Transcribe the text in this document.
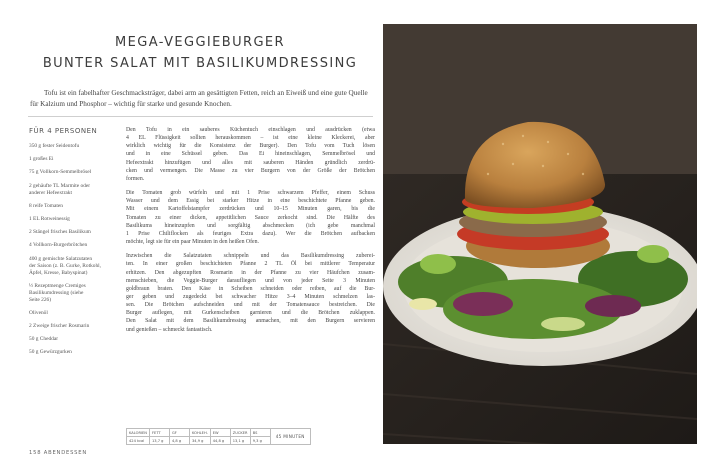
MEGA-VEGGIEBURGER
BUNTER SALAT MIT BASILIKUMDRESSING

Tofu ist ein fabelhafter Geschmacksträger, dabei arm an gesättigten Fetten, reich an Eiweiß und eine gute Quelle für Kalzium und Phosphor – wichtig für starke und gesunde Knochen.

FÜR 4 PERSONEN
350 g fester Seidentofu
1 großes Ei
75 g Vollkorn-Semmelbrösel
2 gehäufte TL Marmite oder
anderer Hefeextrakt
8 reife Tomaten
1 EL Rotweinessig
2 Stängel frisches Basilikum
4 Vollkorn-Burgerbrötchen
400 g gemischte Salatzutaten
der Saison (z. B. Gurke, Rotkohl,
Äpfel, Kresse, Babyspinat)
½ Rezeptmenge Cremiges
Basilikumdressing (siehe
Seite 226)
Olivenöl
2 Zweige frischer Rosmarin
50 g Cheddar
50 g Gewürzgurken
Den Tofu in ein sauberes Küchentuch einschlagen und ausdrücken (etwa
4 EL Flüssigkeit sollten herauskommen – ist eine kleine Kleckerei, aber
wirklich wichtig für die Konsistenz der Burger). Den Tofu vom Tuch lösen
und in eine Schüssel geben. Das Ei hineinschlagen, Semmelbrösel und
Hefeextrakt hinzufügen und alles mit sauberen Händen gründlich zerdrü-
cken und vermengen. Die Masse zu vier Burgern von der Größe der Brötchen
formen.
Die Tomaten grob würfeln und mit 1 Prise schwarzem Pfeffer, einem Schuss
Wasser und dem Essig bei starker Hitze in eine beschichtete Pfanne geben.
Mit einem Kartoffelstampfer zerdrücken und 10–15 Minuten garen, bis die
Tomaten zu einer dicken, appetitlichen Sauce zerkocht sind. Die Hälfte des
Basilikums hineinzupfen und sorgfältig abschmecken (ich gebe manchmal
1 Prise Chiliflocken als feuriges Extra dazu). Wer die Brötchen aufbacken
möchte, legt sie für ein paar Minuten in den heißen Ofen.
Inzwischen die Salatzutaten schnippeln und das Basilikumdressing zuberei-
ten. In einer großen beschichteten Pfanne 2 TL Öl bei mittlerer Temperatur
erhitzen. Den abgezupften Rosmarin in der Pfanne zu vier Häufchen zusam-
menschieben, die Veggie-Burger daraufliegen und von jeder Seite 3 Minuten
goldbraun braten. Den Käse in Scheiben schneiden oder reiben, auf die Bur-
ger geben und zugedeckt bei schwacher Hitze 3–4 Minuten schmelzen las-
sen. Die Brötchen aufschneiden und mit der Tomatensauce bestreichen. Die
Burger auflegen, mit Gurkenscheiben garnieren und die Brötchen zuklappen.
Den Salat mit dem Basilikumdressing anmachen, mit den Burgern servieren
und genießen – schmeckt fantastisch.
KALORIEN	FETT	GF	KOHLEH.	EW	ZUCKER	BS	45 MINUTEN
424 kcal	13,7 g	4,8 g	34,9 g	44,8 g	13,1 g	9,3 g	
158 ABENDESSEN
